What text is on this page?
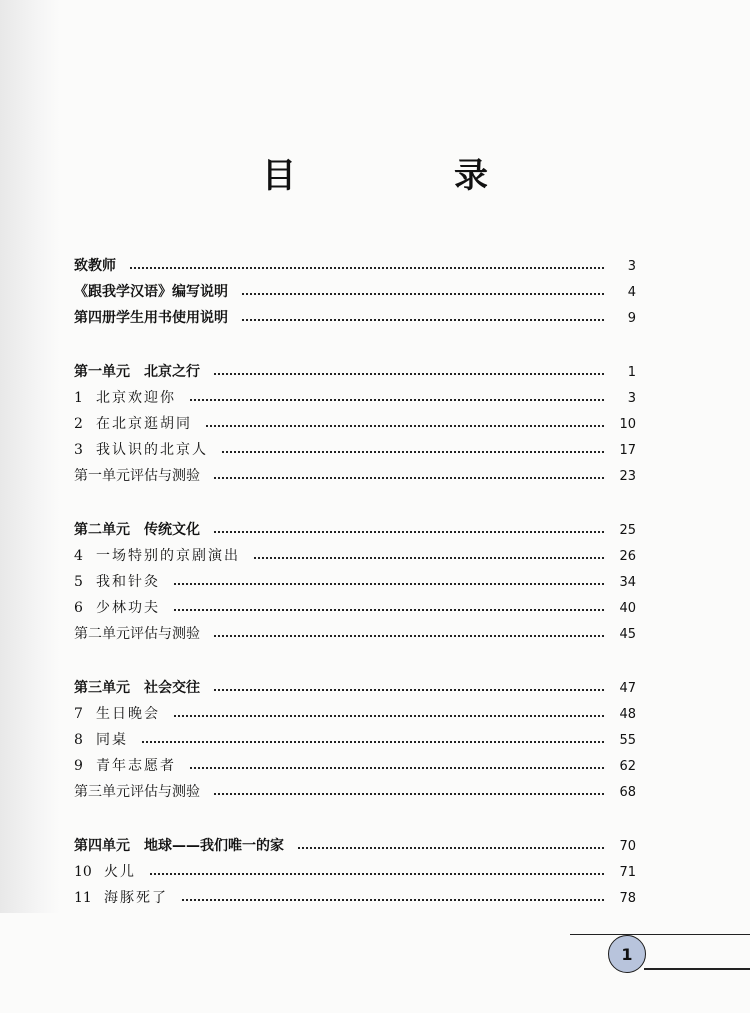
目　录
致教师	3
《跟我学汉语》编写说明	4
第四册学生用书使用说明	9
第一单元 北京之行	1
1 北京欢迎你	3
2 在北京逛胡同	10
3 我认识的北京人	17
第一单元评估与测验	23
第二单元 传统文化	25
4 一场特别的京剧演出	26
5 我和针灸	34
6 少林功夫	40
第二单元评估与测验	45
第三单元 社会交往	47
7 生日晚会	48
8 同桌	55
9 青年志愿者	62
第三单元评估与测验	68
第四单元 地球——我们唯一的家	70
10 火儿	71
11 海豚死了	78
1
